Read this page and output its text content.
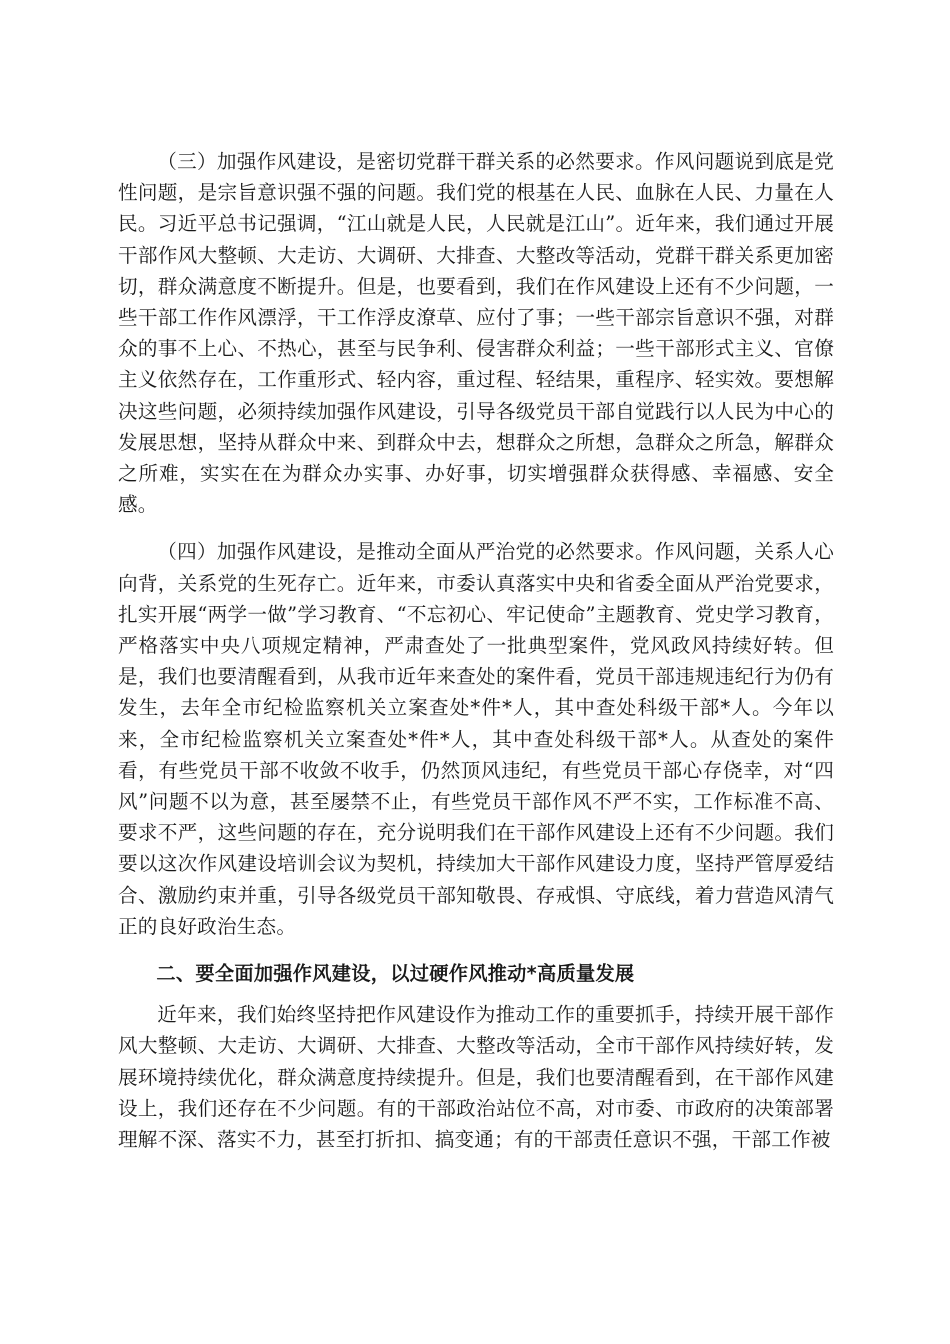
（三）加强作风建设，是密切党群干群关系的必然要求。作风问题说到底是党性问题，是宗旨意识强不强的问题。我们党的根基在人民、血脉在人民、力量在人民。习近平总书记强调，“江山就是人民，人民就是江山”。近年来，我们通过开展干部作风大整顿、大走访、大调研、大排查、大整改等活动，党群干群关系更加密切，群众满意度不断提升。但是，也要看到，我们在作风建设上还有不少问题，一些干部工作作风漂浮，干工作浮皮潦草、应付了事；一些干部宗旨意识不强，对群众的事不上心、不热心，甚至与民争利、侵害群众利益；一些干部形式主义、官僚主义依然存在，工作重形式、轻内容，重过程、轻结果，重程序、轻实效。要想解决这些问题，必须持续加强作风建设，引导各级党员干部自觉践行以人民为中心的发展思想，坚持从群众中来、到群众中去，想群众之所想，急群众之所急，解群众之所难，实实在在为群众办实事、办好事，切实增强群众获得感、幸福感、安全感。

（四）加强作风建设，是推动全面从严治党的必然要求。作风问题，关系人心向背，关系党的生死存亡。近年来，市委认真落实中央和省委全面从严治党要求，扎实开展“两学一做”学习教育、“不忘初心、牢记使命”主题教育、党史学习教育，严格落实中央八项规定精神，严肃查处了一批典型案件，党风政风持续好转。但是，我们也要清醒看到，从我市近年来查处的案件看，党员干部违规违纪行为仍有发生，去年全市纪检监察机关立案查处*件*人，其中查处科级干部*人。今年以来，全市纪检监察机关立案查处*件*人，其中查处科级干部*人。从查处的案件看，有些党员干部不收敛不收手，仍然顶风违纪，有些党员干部心存侥幸，对“四风”问题不以为意，甚至屡禁不止，有些党员干部作风不严不实，工作标准不高、要求不严，这些问题的存在，充分说明我们在干部作风建设上还有不少问题。我们要以这次作风建设培训会议为契机，持续加大干部作风建设力度，坚持严管厚爱结合、激励约束并重，引导各级党员干部知敬畏、存戒惧、守底线，着力营造风清气正的良好政治生态。

二、要全面加强作风建设，以过硬作风推动*高质量发展

近年来，我们始终坚持把作风建设作为推动工作的重要抓手，持续开展干部作风大整顿、大走访、大调研、大排查、大整改等活动，全市干部作风持续好转，发展环境持续优化，群众满意度持续提升。但是，我们也要清醒看到，在干部作风建设上，我们还存在不少问题。有的干部政治站位不高，对市委、市政府的决策部署理解不深、落实不力，甚至打折扣、搞变通；有的干部责任意识不强，干部工作被
